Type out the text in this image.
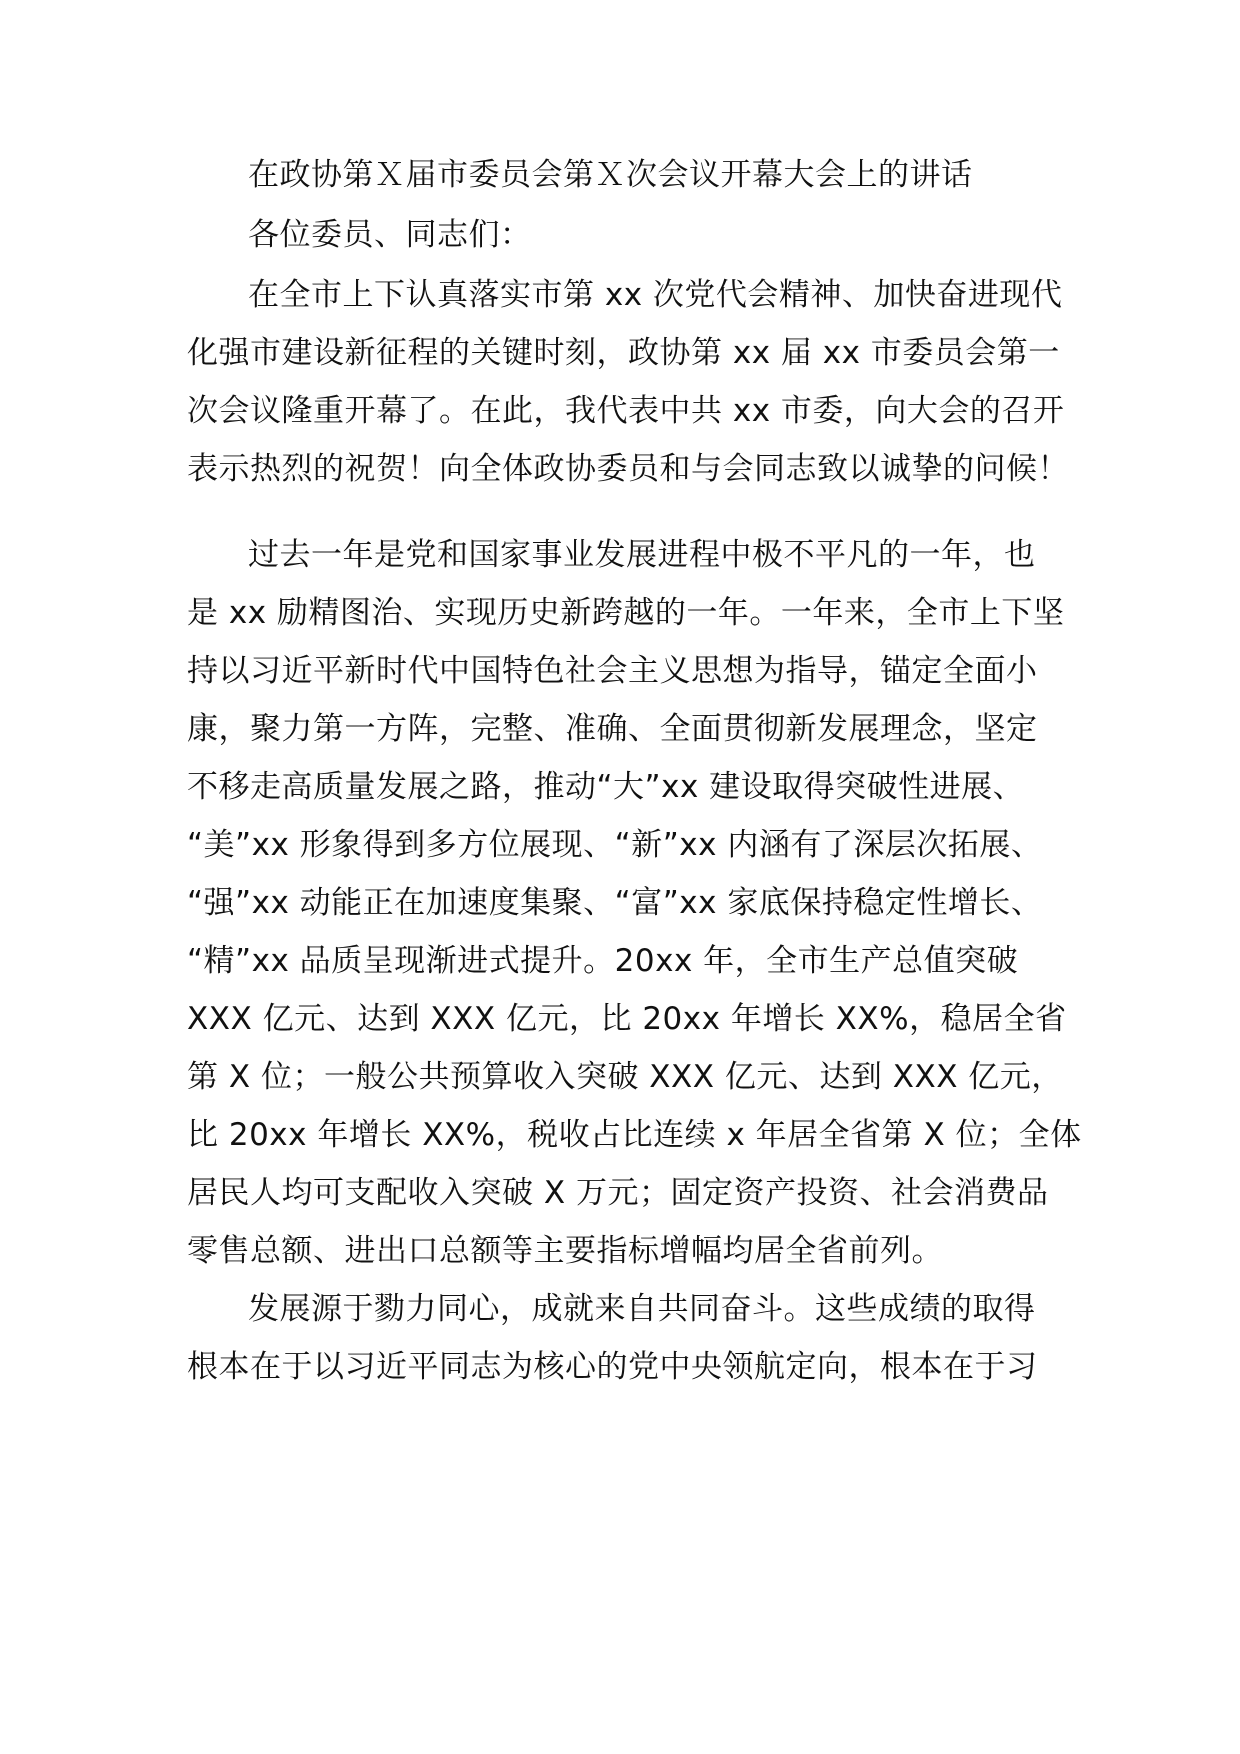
在政协第Ｘ届市委员会第Ｘ次会议开幕大会上的讲话
各位委员、同志们：
在全市上下认真落实市第 xx 次党代会精神、加快奋进现代
化强市建设新征程的关键时刻，政协第 xx 届 xx 市委员会第一
次会议隆重开幕了。在此，我代表中共 xx 市委，向大会的召开
表示热烈的祝贺！向全体政协委员和与会同志致以诚挚的问候！
过去一年是党和国家事业发展进程中极不平凡的一年，也
是 xx 励精图治、实现历史新跨越的一年。一年来，全市上下坚
持以习近平新时代中国特色社会主义思想为指导，锚定全面小
康，聚力第一方阵，完整、准确、全面贯彻新发展理念，坚定
不移走高质量发展之路，推动“大”xx 建设取得突破性进展、
“美”xx 形象得到多方位展现、“新”xx 内涵有了深层次拓展、
“强”xx 动能正在加速度集聚、“富”xx 家底保持稳定性增长、
“精”xx 品质呈现渐进式提升。20xx 年，全市生产总值突破
XXX 亿元、达到 XXX 亿元，比 20xx 年增长 XX%，稳居全省
第 X 位；一般公共预算收入突破 XXX 亿元、达到 XXX 亿元，
比 20xx 年增长 XX%，税收占比连续 x 年居全省第 X 位；全体
居民人均可支配收入突破 X 万元；固定资产投资、社会消费品
零售总额、进出口总额等主要指标增幅均居全省前列。
发展源于勠力同心，成就来自共同奋斗。这些成绩的取得
根本在于以习近平同志为核心的党中央领航定向，根本在于习
